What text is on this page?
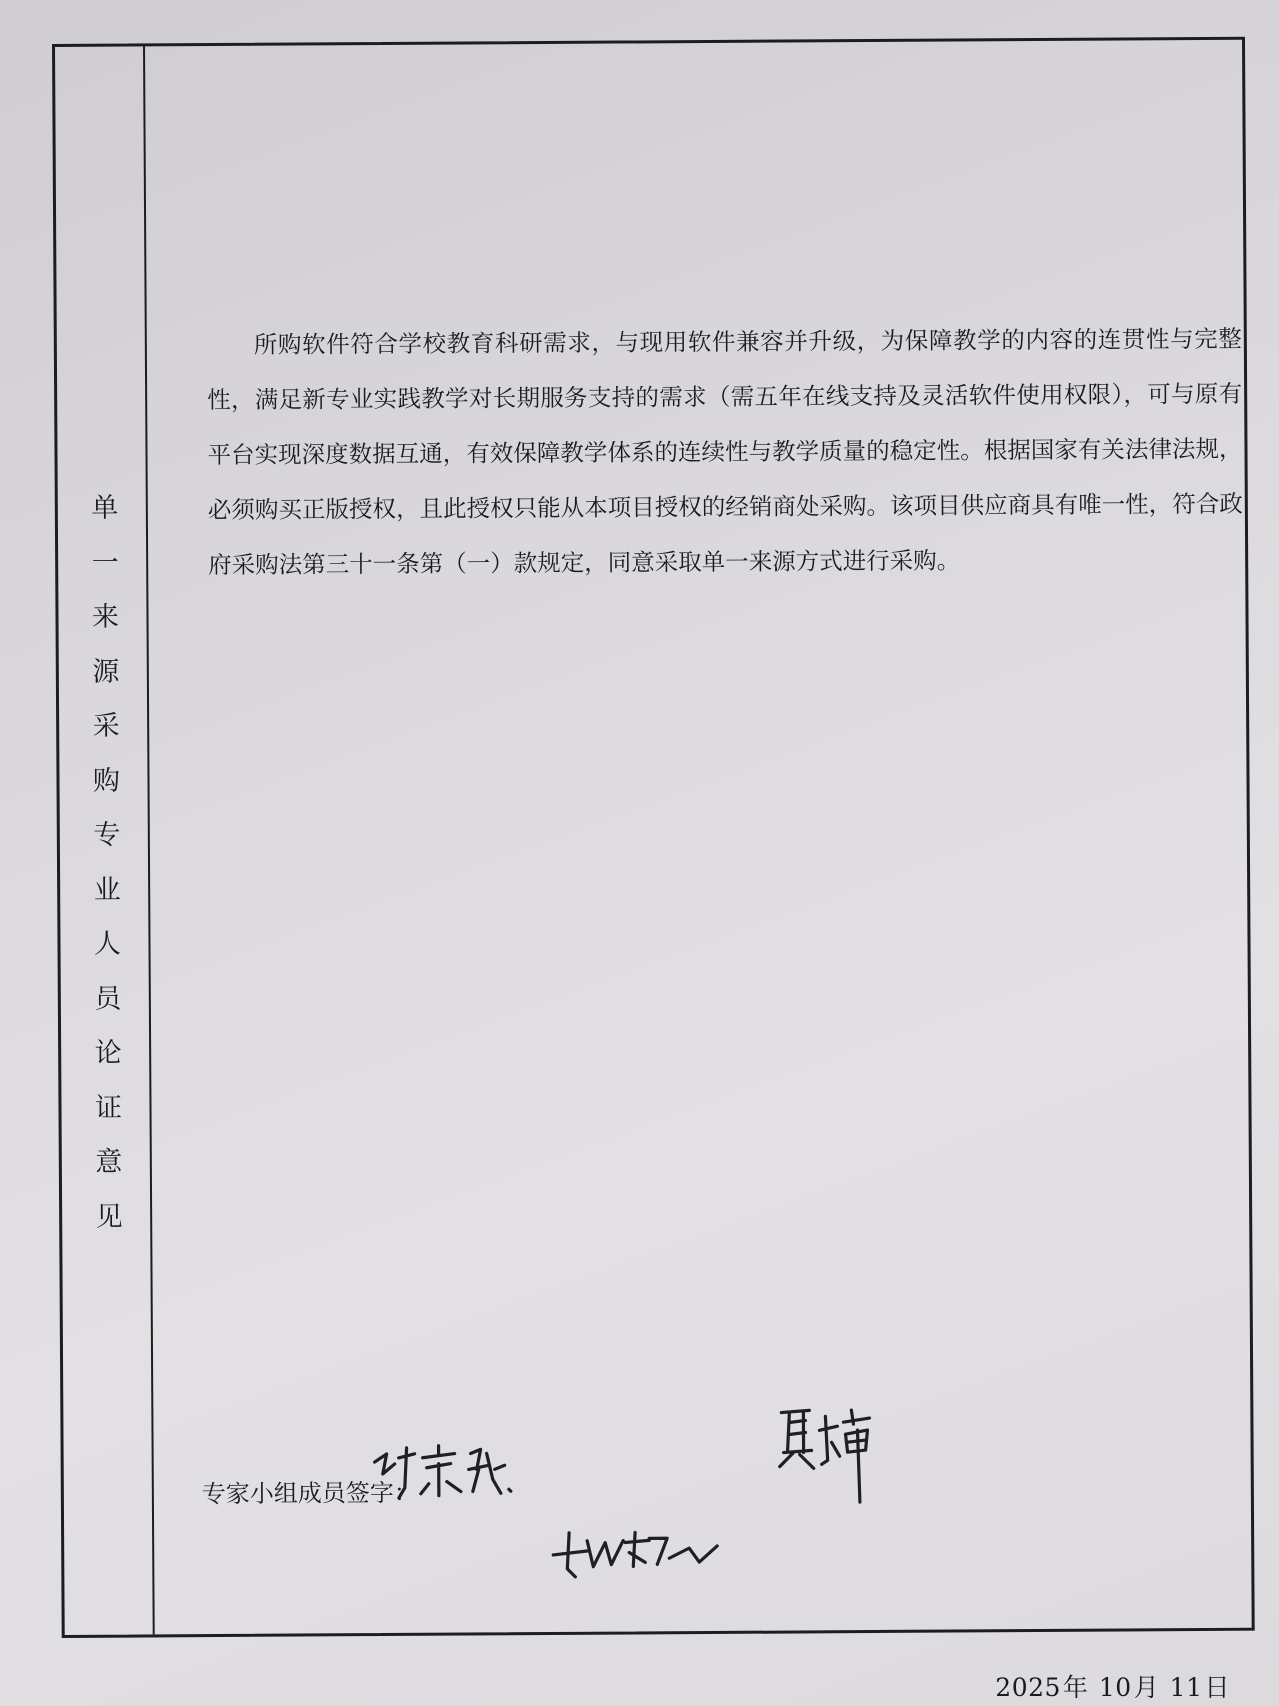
单
一
来
源
采
购
专
业
人
员
论
证
意
见

所购软件符合学校教育科研需求，与现用软件兼容并升级，为保障教学的内容的连贯性与完整性，满足新专业实践教学对长期服务支持的需求（需五年在线支持及灵活软件使用权限），可与原有平台实现深度数据互通，有效保障教学体系的连续性与教学质量的稳定性。根据国家有关法律法规，必须购买正版授权，且此授权只能从本项目授权的经销商处采购。该项目供应商具有唯一性，符合政府采购法第三十一条第（一）款规定，同意采取单一来源方式进行采购。

专家小组成员签字：
2025年 10月 11日
